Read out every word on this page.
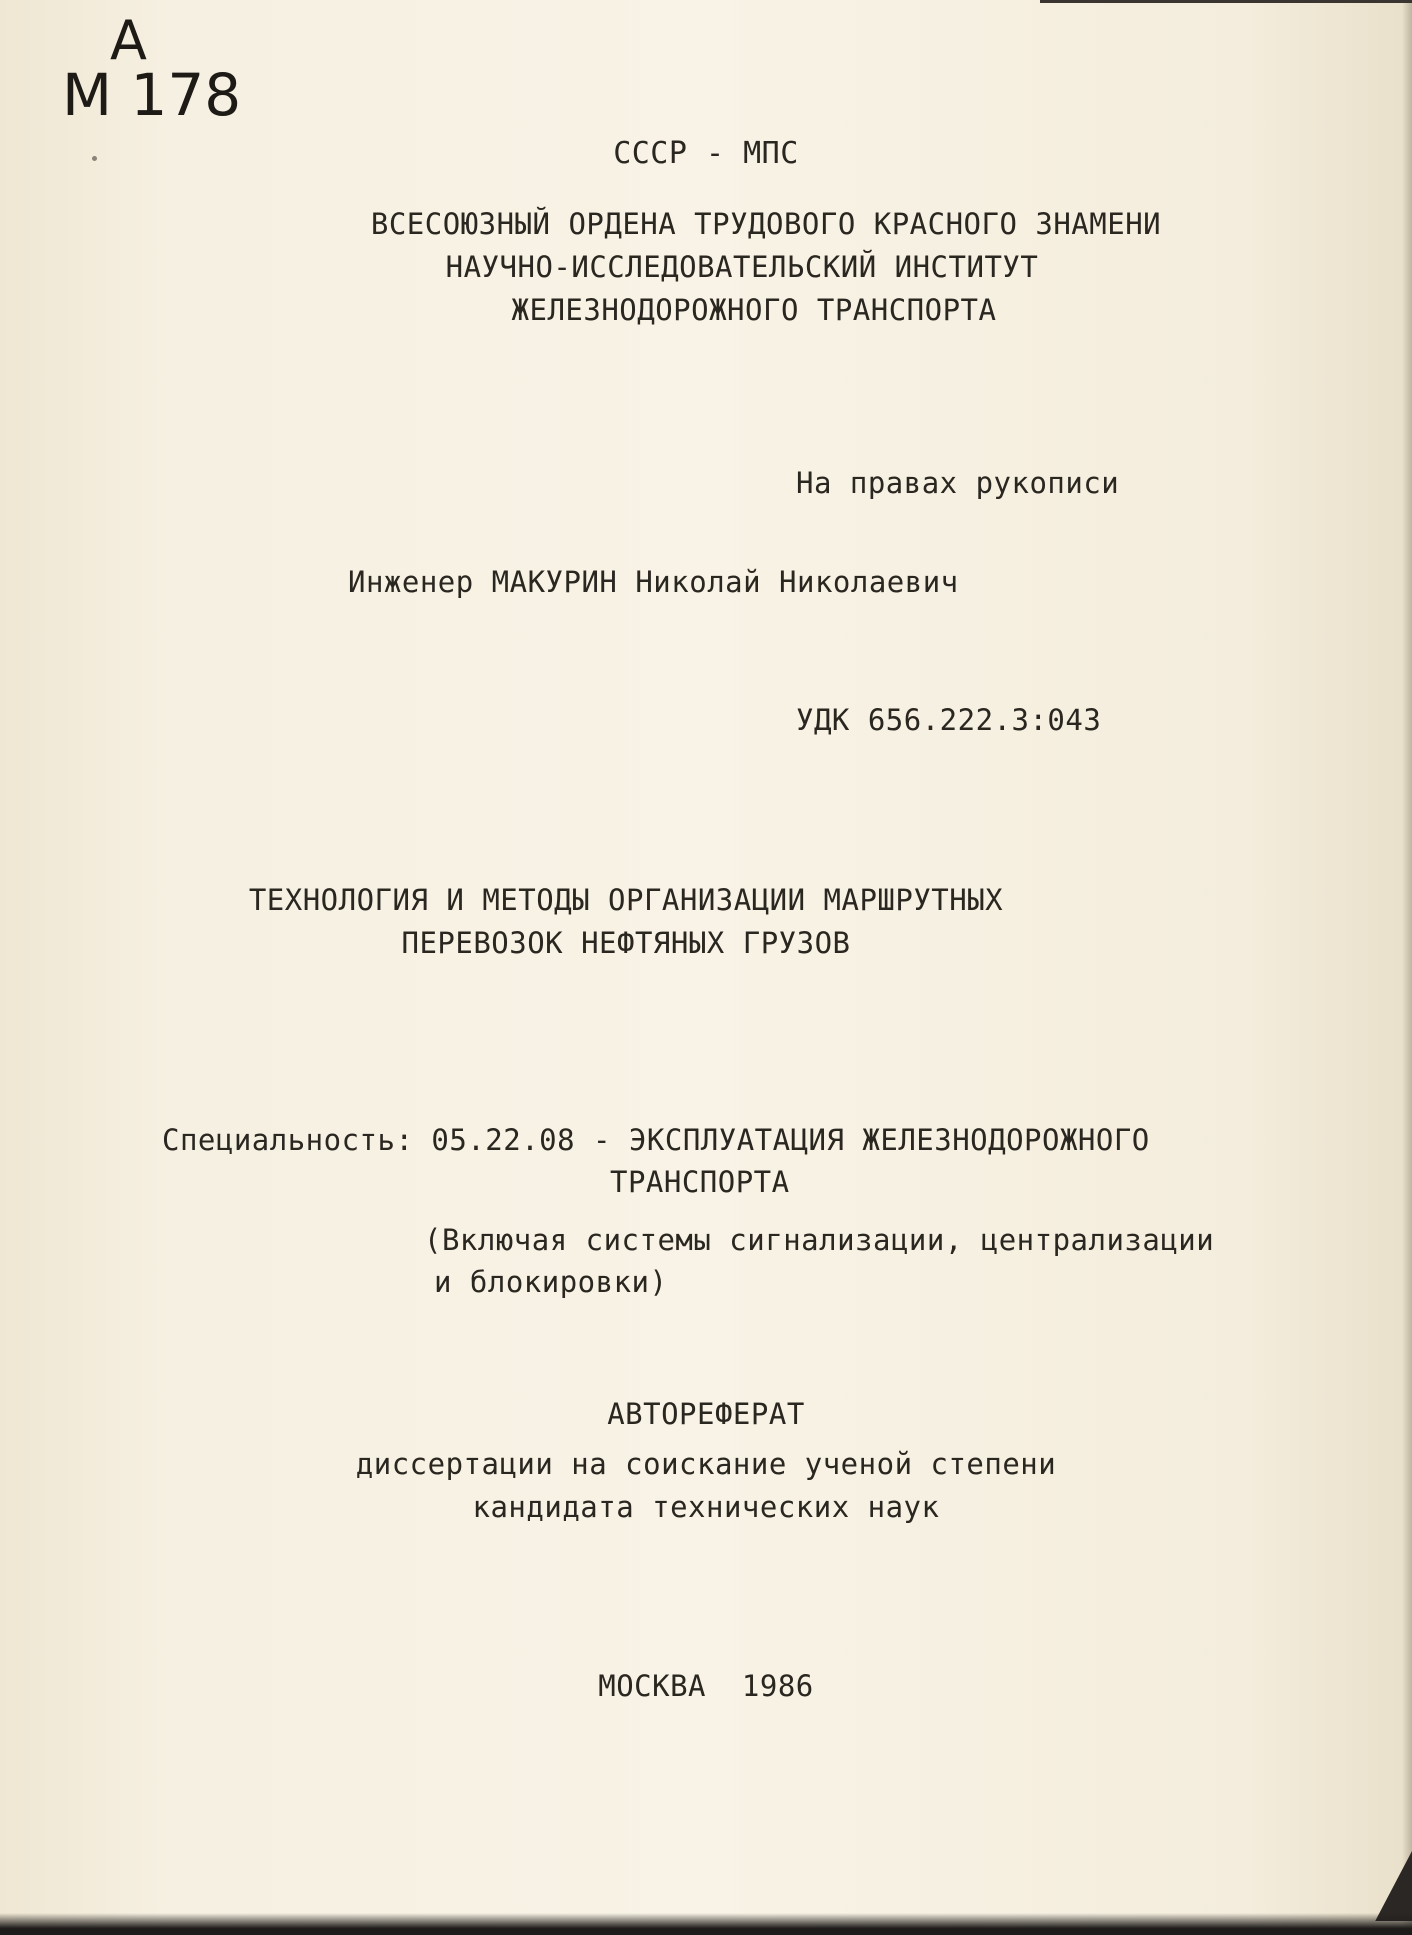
А
М 178
СССР - МПС
ВСЕСОЮЗНЫЙ ОРДЕНА ТРУДОВОГО КРАСНОГО ЗНАМЕНИ
НАУЧНО-ИССЛЕДОВАТЕЛЬСКИЙ ИНСТИТУТ
ЖЕЛЕЗНОДОРОЖНОГО ТРАНСПОРТА
На правах рукописи
Инженер МАКУРИН Николай Николаевич
УДК 656.222.3:043
ТЕХНОЛОГИЯ И МЕТОДЫ ОРГАНИЗАЦИИ МАРШРУТНЫХ
ПЕРЕВОЗОК НЕФТЯНЫХ ГРУЗОВ
Специальность: 05.22.08 - ЭКСПЛУАТАЦИЯ ЖЕЛЕЗНОДОРОЖНОГО
ТРАНСПОРТА
(Включая системы сигнализации, централизации
и блокировки)
АВТОРЕФЕРАТ
диссертации на соискание ученой степени
кандидата технических наук
МОСКВА  1986
